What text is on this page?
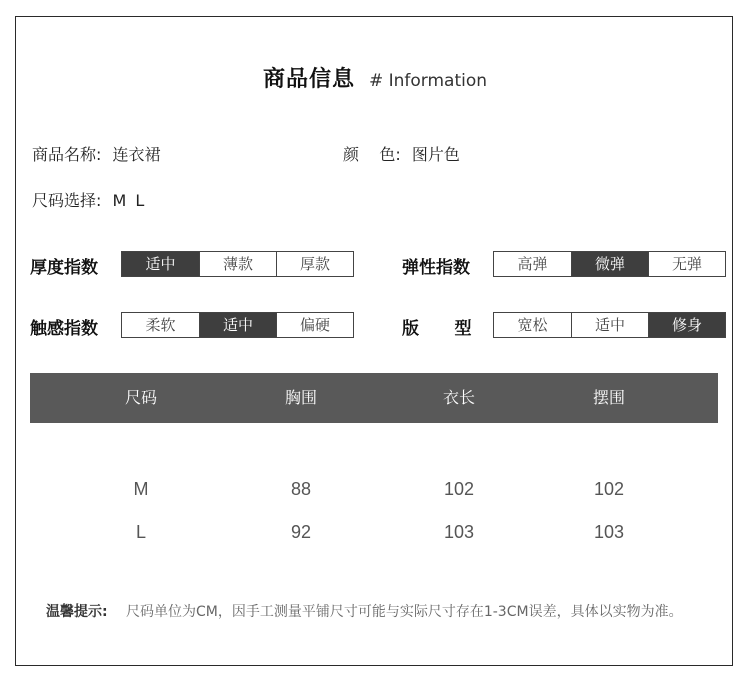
商品信息 # Information
商品名称: 连衣裙	颜    色: 图片色
尺码选择: M L
厚度指数	适中	薄款	厚款	弹性指数	高弹	微弹	无弹
触感指数	柔软	适中	偏硬	版      型	宽松	适中	修身
尺码	胸围	衣长	摆围
M	88	102	102
L	92	103	103
温馨提示: 尺码单位为CM，因手工测量平铺尺寸可能与实际尺寸存在1-3CM误差，具体以实物为准。
